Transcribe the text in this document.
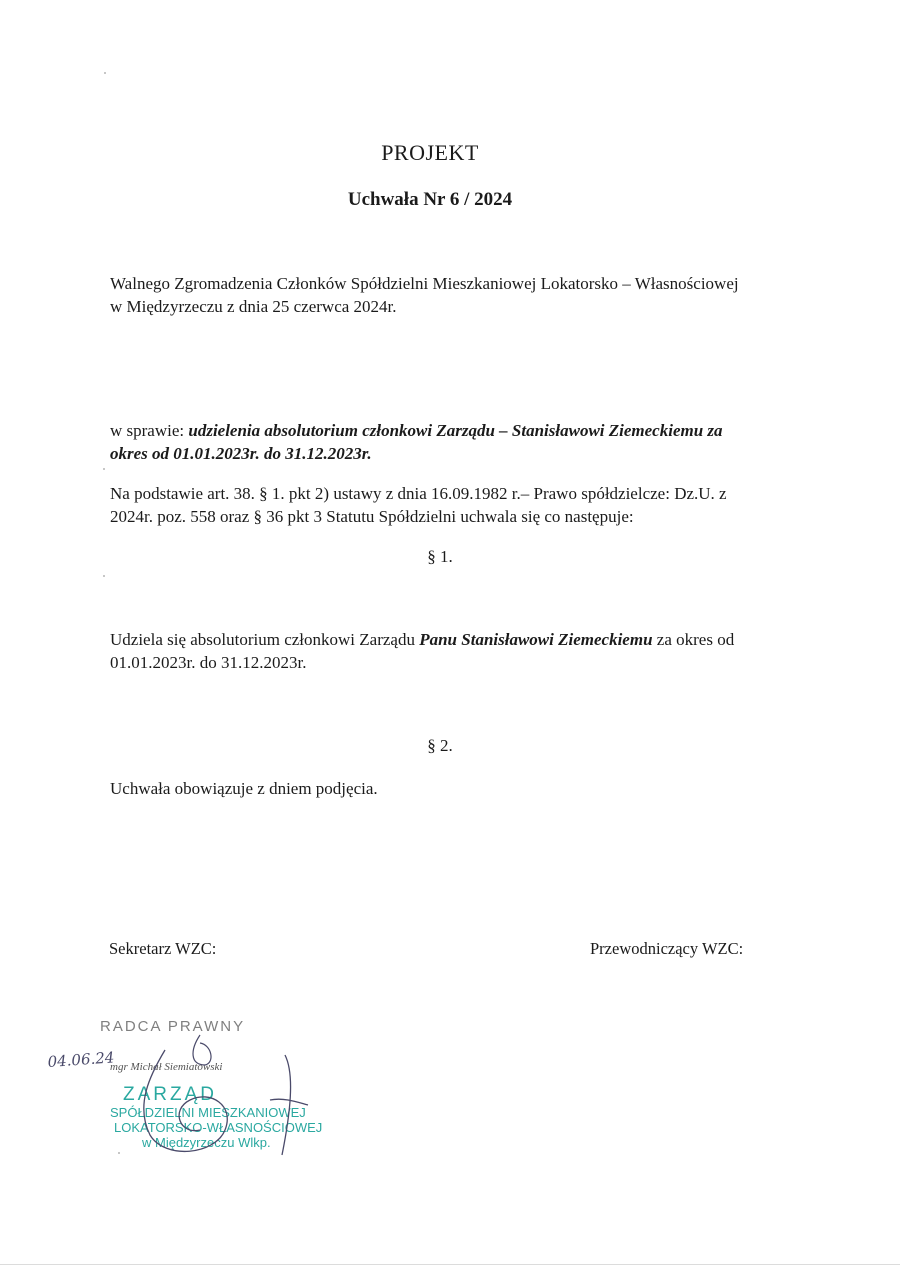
PROJEKT
Uchwała Nr 6 / 2024
Walnego Zgromadzenia Członków Spółdzielni Mieszkaniowej Lokatorsko – Własnościowej
w Międzyrzeczu z dnia 25 czerwca 2024r.
w sprawie: udzielenia absolutorium członkowi Zarządu – Stanisławowi Ziemeckiemu za
okres od 01.01.2023r. do 31.12.2023r.
Na podstawie art. 38. § 1. pkt 2) ustawy z dnia 16.09.1982 r.– Prawo spółdzielcze: Dz.U. z
2024r. poz. 558 oraz § 36 pkt 3 Statutu Spółdzielni uchwala się co następuje:
§ 1.
Udziela się absolutorium członkowi Zarządu Panu Stanisławowi Ziemeckiemu za okres od
01.01.2023r. do 31.12.2023r.
§ 2.
Uchwała obowiązuje z dniem podjęcia.
Sekretarz WZC:	Przewodniczący WZC:
RADCA PRAWNY
mgr Michał Siemiatowski
04.06.24
ZARZĄD
SPÓŁDZIELNI MIESZKANIOWEJ
LOKATORSKO-WŁASNOŚCIOWEJ
w Międzyrzeczu Wlkp.
